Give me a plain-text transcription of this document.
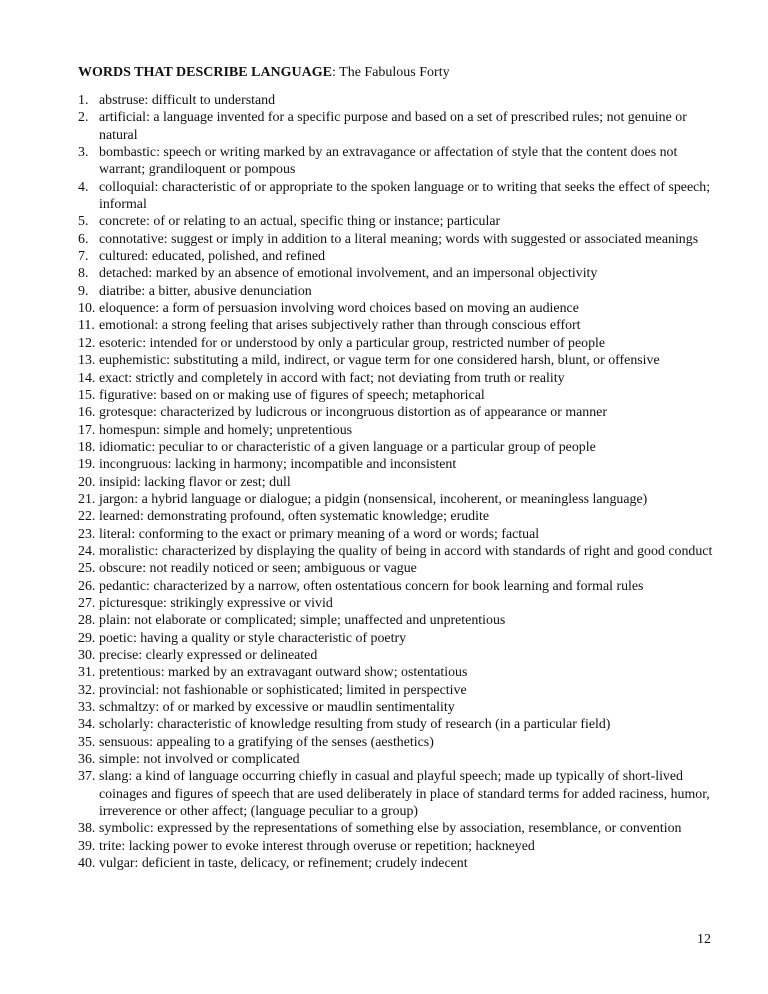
WORDS THAT DESCRIBE LANGUAGE: The Fabulous Forty
1. abstruse: difficult to understand
2. artificial: a language invented for a specific purpose and based on a set of prescribed rules; not genuine or natural
3. bombastic: speech or writing marked by an extravagance or affectation of style that the content does not warrant; grandiloquent or pompous
4. colloquial: characteristic of or appropriate to the spoken language or to writing that seeks the effect of speech; informal
5. concrete: of or relating to an actual, specific thing or instance; particular
6. connotative: suggest or imply in addition to a literal meaning; words with suggested or associated meanings
7. cultured: educated, polished, and refined
8. detached: marked by an absence of emotional involvement, and an impersonal objectivity
9. diatribe: a bitter, abusive denunciation
10. eloquence: a form of persuasion involving word choices based on moving an audience
11. emotional: a strong feeling that arises subjectively rather than through conscious effort
12. esoteric: intended for or understood by only a particular group, restricted number of people
13. euphemistic: substituting a mild, indirect, or vague term for one considered harsh, blunt, or offensive
14. exact: strictly and completely in accord with fact; not deviating from truth or reality
15. figurative: based on or making use of figures of speech; metaphorical
16. grotesque: characterized by ludicrous or incongruous distortion as of appearance or manner
17. homespun: simple and homely; unpretentious
18. idiomatic: peculiar to or characteristic of a given language or a particular group of people
19. incongruous: lacking in harmony; incompatible and inconsistent
20. insipid: lacking flavor or zest; dull
21. jargon: a hybrid language or dialogue; a pidgin (nonsensical, incoherent, or meaningless language)
22. learned: demonstrating profound, often systematic knowledge; erudite
23. literal: conforming to the exact or primary meaning of a word or words; factual
24. moralistic: characterized by displaying the quality of being in accord with standards of right and good conduct
25. obscure: not readily noticed or seen; ambiguous or vague
26. pedantic: characterized by a narrow, often ostentatious concern for book learning and formal rules
27. picturesque: strikingly expressive or vivid
28. plain: not elaborate or complicated; simple; unaffected and unpretentious
29. poetic: having a quality or style characteristic of poetry
30. precise: clearly expressed or delineated
31. pretentious: marked by an extravagant outward show; ostentatious
32. provincial: not fashionable or sophisticated; limited in perspective
33. schmaltzy: of or marked by excessive or maudlin sentimentality
34. scholarly: characteristic of knowledge resulting from study of research (in a particular field)
35. sensuous: appealing to a gratifying of the senses (aesthetics)
36. simple: not involved or complicated
37. slang: a kind of language occurring chiefly in casual and playful speech; made up typically of short-lived coinages and figures of speech that are used deliberately in place of standard terms for added raciness, humor, irreverence or other affect; (language peculiar to a group)
38. symbolic: expressed by the representations of something else by association, resemblance, or convention
39. trite: lacking power to evoke interest through overuse or repetition; hackneyed
40. vulgar: deficient in taste, delicacy, or refinement; crudely indecent
12
